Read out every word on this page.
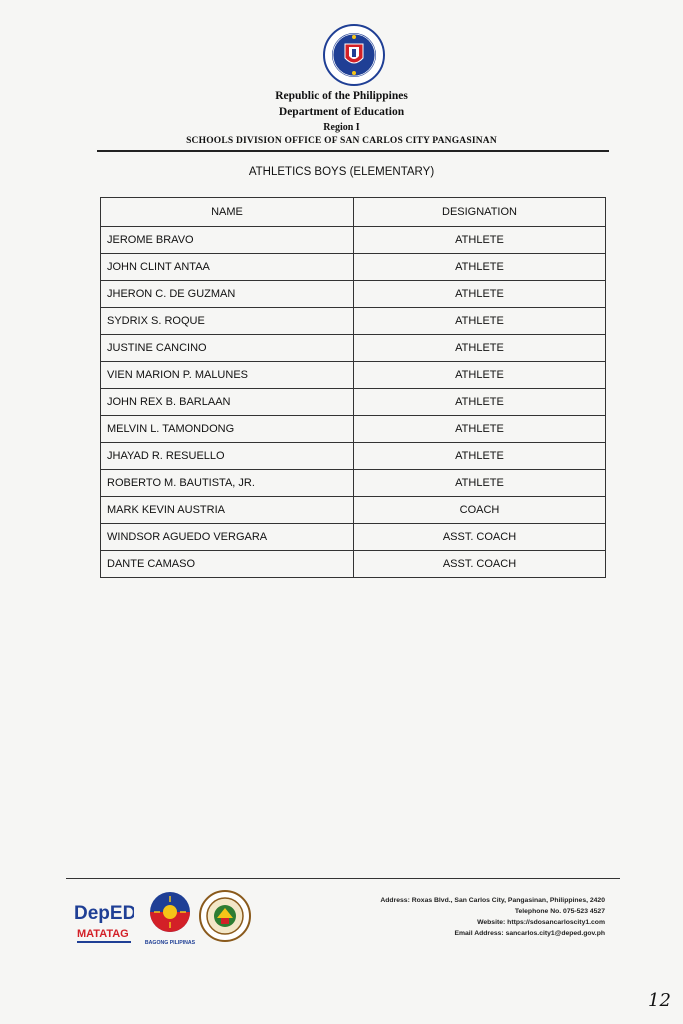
Republic of the Philippines
Department of Education
Region I
SCHOOLS DIVISION OFFICE OF SAN CARLOS CITY PANGASINAN
ATHLETICS BOYS (ELEMENTARY)
NAME	DESIGNATION
JEROME BRAVO	ATHLETE
JOHN CLINT ANTAA	ATHLETE
JHERON C. DE GUZMAN	ATHLETE
SYDRIX S. ROQUE	ATHLETE
JUSTINE CANCINO	ATHLETE
VIEN MARION P. MALUNES	ATHLETE
JOHN REX B. BARLAAN	ATHLETE
MELVIN L. TAMONDONG	ATHLETE
JHAYAD R. RESUELLO	ATHLETE
ROBERTO M. BAUTISTA, JR.	ATHLETE
MARK KEVIN AUSTRIA	COACH
WINDSOR AGUEDO VERGARA	ASST. COACH
DANTE CAMASO	ASST. COACH
DepED
MATATAG
BAGONG PILIPINAS
Address: Roxas Blvd., San Carlos City, Pangasinan, Philippines, 2420
Telephone No. 075-523 4527
Website: https://sdosancarloscity1.com
Email Address: sancarlos.city1@deped.gov.ph
12
